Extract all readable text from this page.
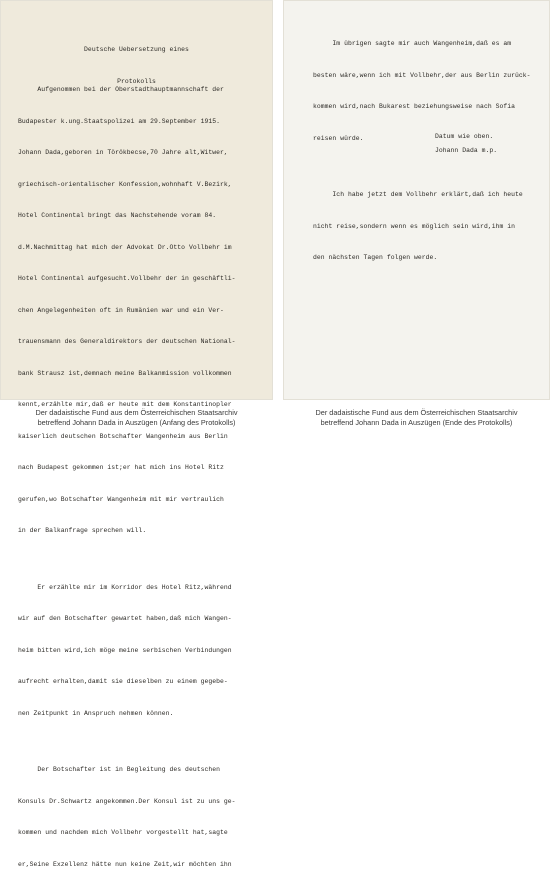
Deutsche Uebersetzung eines

Protokolls

Aufgenommen bei der Oberstadthauptmannschaft der

Budapester k.ung.Staatspolizei am 29.September 1915.

Johann Dada,geboren in Törökbecse,70 Jahre alt,Witwer,

griechisch-orientalischer Konfession,wohnhaft V.Bezirk,

Hotel Continental bringt das Nachstehende voram 84.

d.M.Nachmittag hat mich der Advokat Dr.Otto Vollbehr im

Hotel Continental aufgesucht.Vollbehr der in geschäftli-

chen Angelegenheiten oft in Rumänien war und ein Ver-

trauensmann des Generaldirektors der deutschen National-

bank Strausz ist,demnach meine Balkanmission vollkommen

kennt,erzählte mir,daß er heute mit dem Konstantinopler

kaiserlich deutschen Botschafter Wangenheim aus Berlin

nach Budapest gekommen ist;er hat mich ins Hotel Ritz

gerufen,wo Botschafter Wangenheim mit mir vertraulich

in der Balkanfrage sprechen will.

Er erzählte mir im Korridor des Hotel Ritz,während

wir auf den Botschafter gewartet haben,daß mich Wangen-

heim bitten wird,ich möge meine serbischen Verbindungen

aufrecht erhalten,damit sie dieselben zu einem gegebe-

nen Zeitpunkt in Anspruch nehmen können.

Der Botschafter ist in Begleitung des deutschen

Konsuls Dr.Schwartz angekommen.Der Konsul ist zu uns ge-

kommen und nachdem mich Vollbehr vorgestellt hat,sagte

er,Seine Exzellenz hätte nun keine Zeit,wir möchten ihn

Im übrigen sagte mir auch Wangenheim,daß es am

besten wäre,wenn ich mit Vollbehr,der aus Berlin zurück-

kommen wird,nach Bukarest beziehungsweise nach Sofia

reisen würde.

Ich habe jetzt dem Vollbehr erklärt,daß ich heute

nicht reise,sondern wenn es möglich sein wird,ihm in

den nächsten Tagen folgen werde.

Datum wie oben.
Johann Dada m.p.
Der dadaistische Fund aus dem Österreichischen Staatsarchiv
betreffend Johann Dada in Auszügen (Anfang des Protokolls)
Der dadaistische Fund aus dem Österreichischen Staatsarchiv
betreffend Johann Dada in Auszügen (Ende des Protokolls)
